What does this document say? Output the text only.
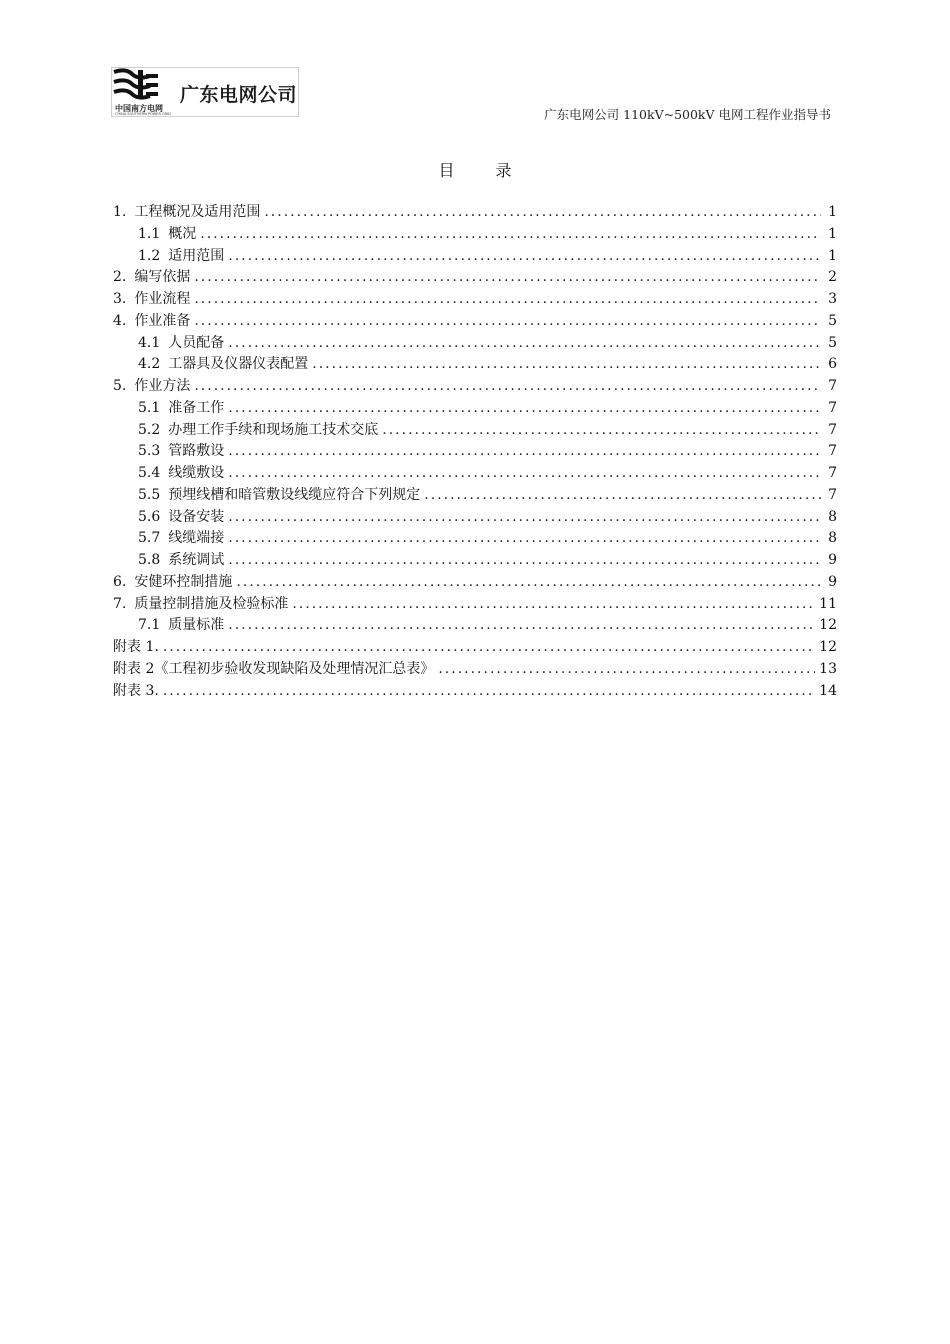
广东电网公司
中国南方电网
CHINA SOUTHERN POWER GRID	广东电网公司 110kV~500kV 电网工程作业指导书
目 录
1. 工程概况及适用范围 .....	1
1.1 概况 .....	1
1.2 适用范围 .....	1
2. 编写依据 .....	2
3. 作业流程 .....	3
4. 作业准备 .....	5
4.1 人员配备 .....	5
4.2 工器具及仪器仪表配置 .....	6
5. 作业方法 .....	7
5.1 准备工作 .....	7
5.2 办理工作手续和现场施工技术交底 .....	7
5.3 管路敷设 .....	7
5.4 线缆敷设 .....	7
5.5 预埋线槽和暗管敷设线缆应符合下列规定 .....	7
5.6 设备安装 .....	8
5.7 线缆端接 .....	8
5.8 系统调试 .....	9
6. 安健环控制措施 .....	9
7. 质量控制措施及检验标准 .....	11
7.1 质量标准 .....	12
附表 1. .....	12
附表 2《工程初步验收发现缺陷及处理情况汇总表》 .....	13
附表 3. .....	14
